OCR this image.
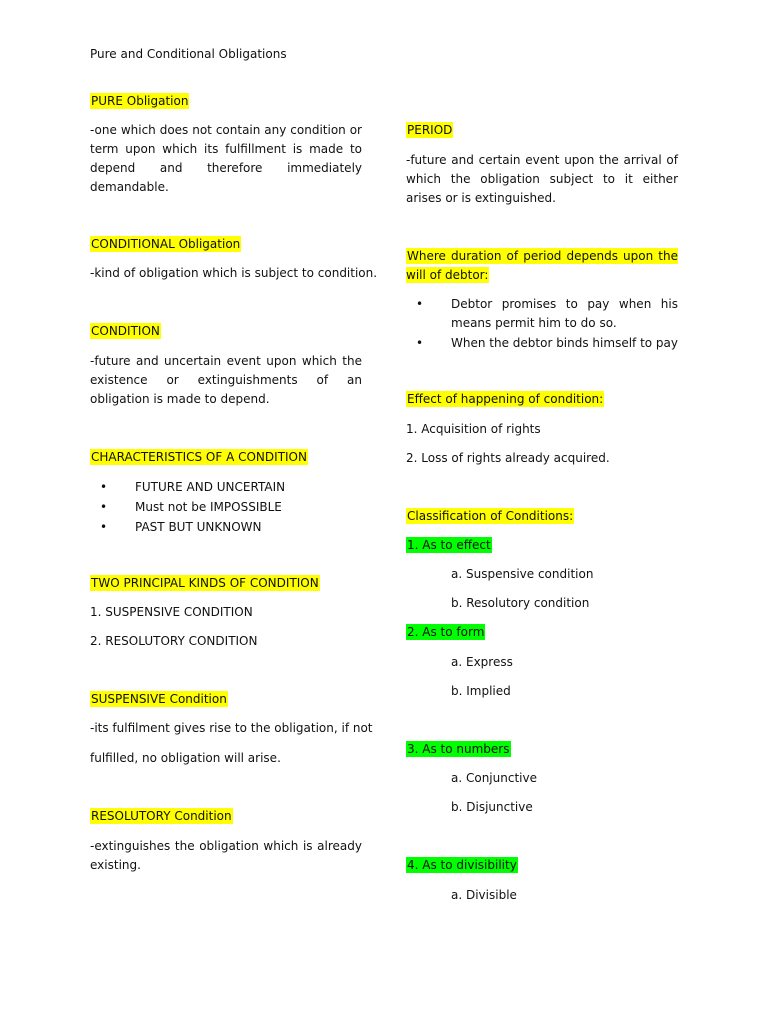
Pure and Conditional Obligations

PURE Obligation

-one which does not contain any condition or term upon which its fulfillment is made to depend and therefore immediately demandable.

CONDITIONAL Obligation

-kind of obligation which is subject to condition.

CONDITION

-future and uncertain event upon which the existence or extinguishments of an obligation is made to depend.

CHARACTERISTICS OF A CONDITION

• FUTURE AND UNCERTAIN
• Must not be IMPOSSIBLE
• PAST BUT UNKNOWN

TWO PRINCIPAL KINDS OF CONDITION

1. SUSPENSIVE CONDITION

2. RESOLUTORY CONDITION

SUSPENSIVE Condition

-its fulfilment gives rise to the obligation, if not

fulfilled, no obligation will arise.

RESOLUTORY Condition

-extinguishes the obligation which is already existing.

PERIOD

-future and certain event upon the arrival of which the obligation subject to it either arises or is extinguished.

Where duration of period depends upon the will of debtor:

• Debtor promises to pay when his means permit him to do so.
• When the debtor binds himself to pay

Effect of happening of condition:

1. Acquisition of rights

2. Loss of rights already acquired.

Classification of Conditions:

1. As to effect

a. Suspensive condition

b. Resolutory condition

2. As to form

a. Express

b. Implied

3. As to numbers

a. Conjunctive

b. Disjunctive

4. As to divisibility

a. Divisible
